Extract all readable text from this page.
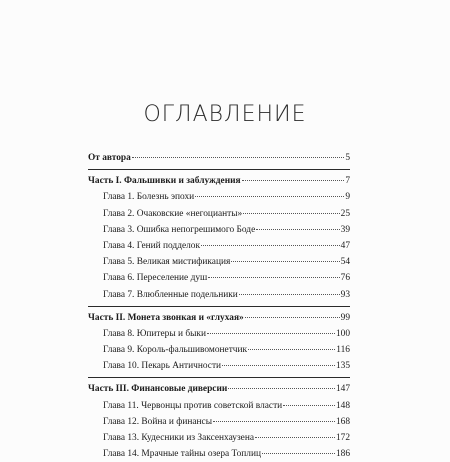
ОГЛАВЛЕНИЕ
От автора	5
Часть I. Фальшивки и заблуждения	7
Глава 1. Болезнь эпохи	9
Глава 2. Очаковские «негоцианты»	25
Глава 3. Ошибка непогрешимого Боде	39
Глава 4. Гений подделок	47
Глава 5. Великая мистификация	54
Глава 6. Переселение душ	76
Глава 7. Влюбленные подельники	93
Часть II. Монета звонкая и «глухая»	99
Глава 8. Юпитеры и быки	100
Глава 9. Король-фальшивомонетчик	116
Глава 10. Пекарь Античности	135
Часть III. Финансовые диверсии	147
Глава 11. Червонцы против советской власти	148
Глава 12. Война и финансы	168
Глава 13. Кудесники из Заксенхаузена	172
Глава 14. Мрачные тайны озера Топлиц	186
